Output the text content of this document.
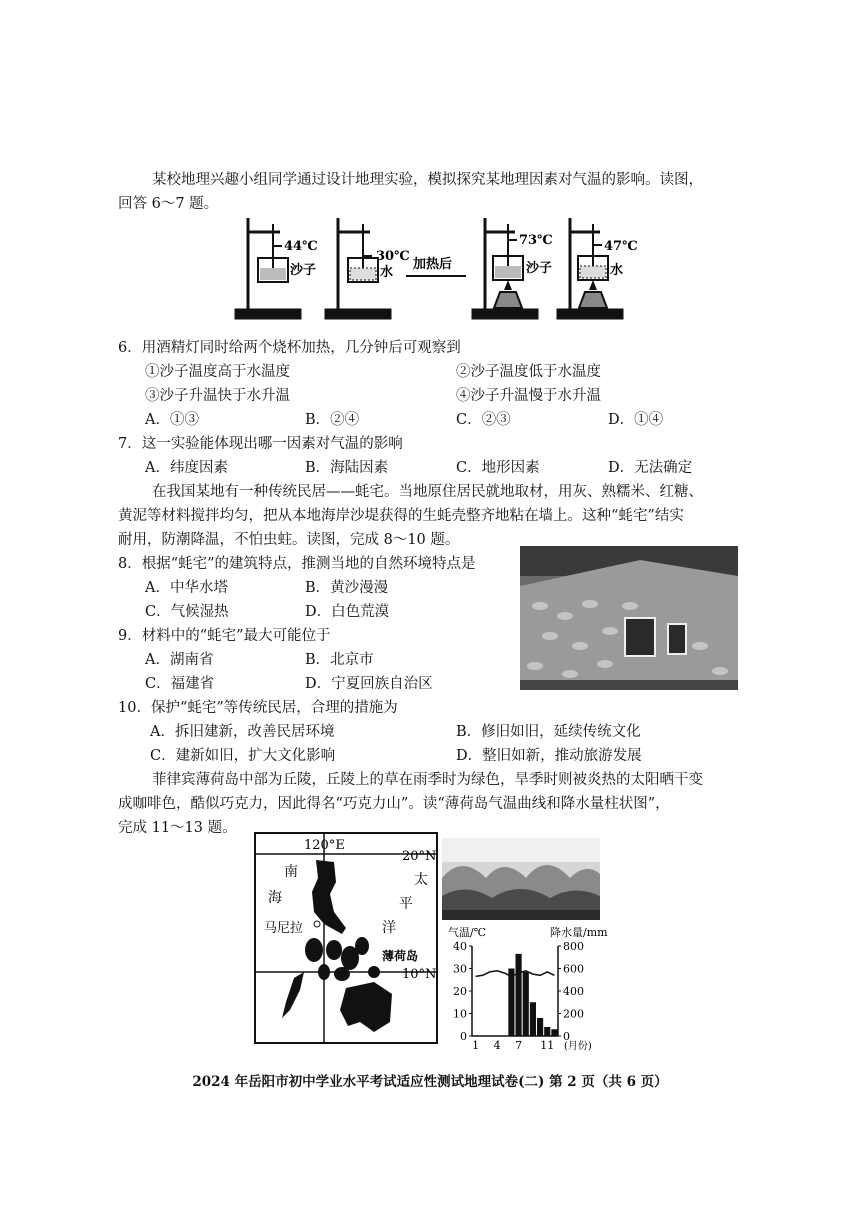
某校地理兴趣小组同学通过设计地理实验，模拟探究某地理因素对气温的影响。读图，
回答 6～7 题。
44℃
沙子
30℃
水
加热后
73℃
沙子
47℃
水
6．用酒精灯同时给两个烧杯加热，几分钟后可观察到
①沙子温度高于水温度	②沙子温度低于水温度
③沙子升温快于水升温	④沙子升温慢于水升温
A．①③	B．②④	C．②③	D．①④
7．这一实验能体现出哪一因素对气温的影响
A．纬度因素	B．海陆因素	C．地形因素	D．无法确定
在我国某地有一种传统民居——蚝宅。当地原住居民就地取材，用灰、熟糯米、红糖、
黄泥等材料搅拌均匀，把从本地海岸沙堤获得的生蚝壳整齐地粘在墙上。这种“蚝宅”结实
耐用，防潮降温，不怕虫蛀。读图，完成 8～10 题。
8．根据“蚝宅”的建筑特点，推测当地的自然环境特点是
A．中华水塔	B．黄沙漫漫
C．气候湿热	D．白色荒漠
9．材料中的“蚝宅”最大可能位于
A．湖南省	B．北京市
C．福建省	D．宁夏回族自治区
10．保护“蚝宅”等传统民居，合理的措施为
A．拆旧建新，改善民居环境	B．修旧如旧，延续传统文化
C．建新如旧，扩大文化影响	D．整旧如新，推动旅游发展
菲律宾薄荷岛中部为丘陵，丘陵上的草在雨季时为绿色，旱季时则被炎热的太阳晒干变
成咖啡色，酷似巧克力，因此得名“巧克力山”。读“薄荷岛气温曲线和降水量柱状图”，
完成 11～13 题。
120°E
20°N
10°N
南
海
太
平
洋
马尼拉
薄荷岛
气温/℃	降水量/mm
40	800
30	600
20	400
10	200
0	0
1 4 7 11 (月份)
2024 年岳阳市初中学业水平考试适应性测试地理试卷(二) 第 2 页（共 6 页）
